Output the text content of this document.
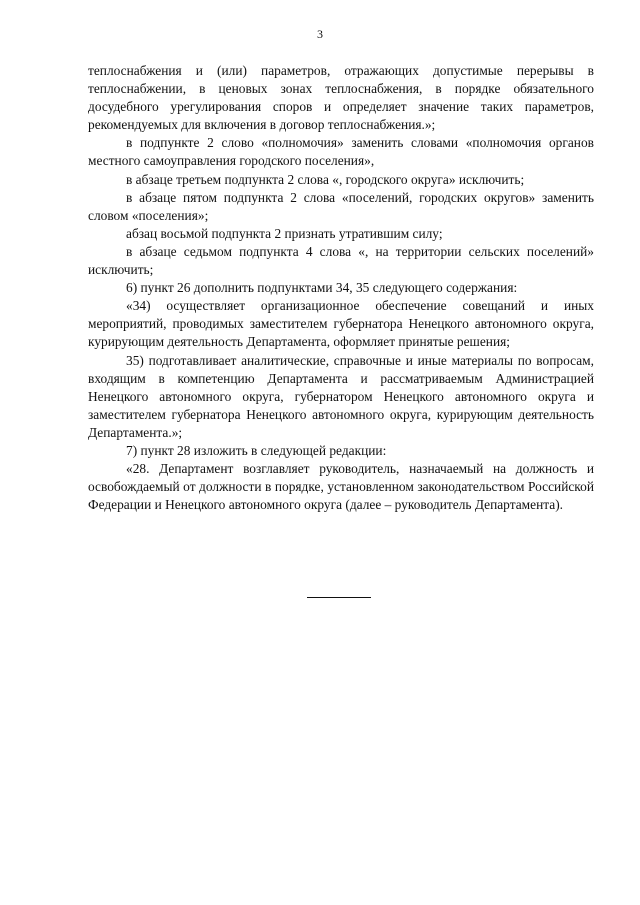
3

теплоснабжения и (или) параметров, отражающих допустимые перерывы в теплоснабжении, в ценовых зонах теплоснабжения, в порядке обязательного досудебного урегулирования споров и определяет значение таких параметров, рекомендуемых для включения в договор теплоснабжения.»;

в подпункте 2 слово «полномочия» заменить словами «полномочия органов местного самоуправления городского поселения»,

в абзаце третьем подпункта 2 слова «, городского округа» исключить;

в абзаце пятом подпункта 2 слова «поселений, городских округов» заменить словом «поселения»;

абзац восьмой подпункта 2 признать утратившим силу;

в абзаце седьмом подпункта 4 слова «, на территории сельских поселений» исключить;

6) пункт 26 дополнить подпунктами 34, 35 следующего содержания:

«34) осуществляет организационное обеспечение совещаний и иных мероприятий, проводимых заместителем губернатора Ненецкого автономного округа, курирующим деятельность Департамента, оформляет принятые решения;

35) подготавливает аналитические, справочные и иные материалы по вопросам, входящим в компетенцию Департамента и рассматриваемым Администрацией Ненецкого автономного округа, губернатором Ненецкого автономного округа и заместителем губернатора Ненецкого автономного округа, курирующим деятельность Департамента.»;

7) пункт 28 изложить в следующей редакции:

«28. Департамент возглавляет руководитель, назначаемый на должность и освобождаемый от должности в порядке, установленном законодательством Российской Федерации и Ненецкого автономного округа (далее – руководитель Департамента).
